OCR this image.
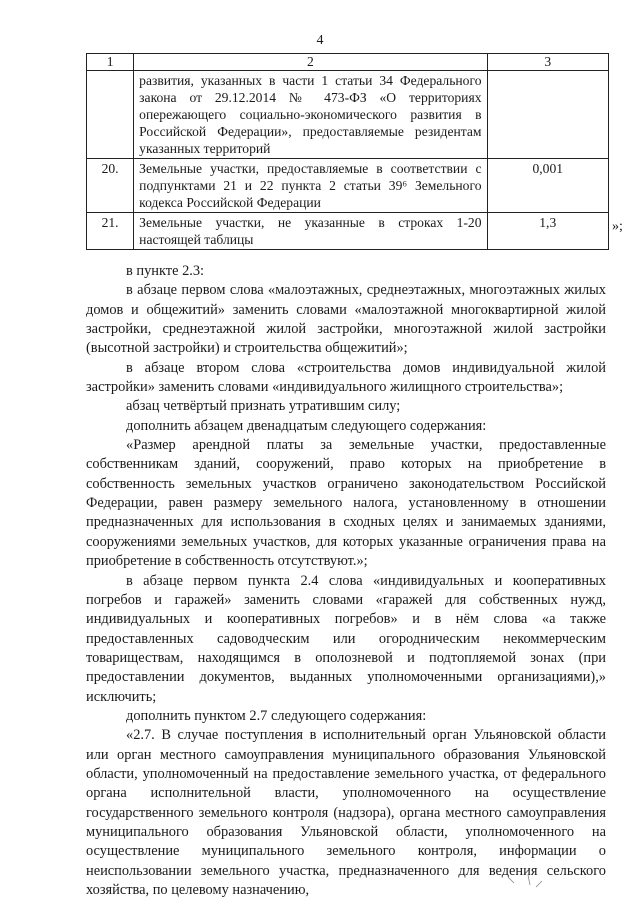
4
1	2	3
	развития, указанных в части 1 статьи 34 Федерального закона от 29.12.2014 № 473-ФЗ «О территориях опережающего социально-экономического развития в Российской Федерации», предоставляемые резидентам указанных территорий	
20.	Земельные участки, предоставляемые в соответствии с подпунктами 21 и 22 пункта 2 статьи 39⁶ Земельного кодекса Российской Федерации	0,001
21.	Земельные участки, не указанные в строках 1-20 настоящей таблицы	1,3	»;

в пункте 2.3:

в абзаце первом слова «малоэтажных, среднеэтажных, многоэтажных жилых домов и общежитий» заменить словами «малоэтажной многоквартирной жилой застройки, среднеэтажной жилой застройки, многоэтажной жилой застройки (высотной застройки) и строительства общежитий»;

в абзаце втором слова «строительства домов индивидуальной жилой застройки» заменить словами «индивидуального жилищного строительства»;

абзац четвёртый признать утратившим силу;

дополнить абзацем двенадцатым следующего содержания:

«Размер арендной платы за земельные участки, предоставленные собственникам зданий, сооружений, право которых на приобретение в собственность земельных участков ограничено законодательством Российской Федерации, равен размеру земельного налога, установленному в отношении предназначенных для использования в сходных целях и занимаемых зданиями, сооружениями земельных участков, для которых указанные ограничения права на приобретение в собственность отсутствуют.»;

в абзаце первом пункта 2.4 слова «индивидуальных и кооперативных погребов и гаражей» заменить словами «гаражей для собственных нужд, индивидуальных и кооперативных погребов» и в нём слова «а также предоставленных садоводческим или огородническим некоммерческим товариществам, находящимся в ополозневой и подтопляемой зонах (при предоставлении документов, выданных уполномоченными организациями),» исключить;

дополнить пунктом 2.7 следующего содержания:

«2.7. В случае поступления в исполнительный орган Ульяновской области или орган местного самоуправления муниципального образования Ульяновской области, уполномоченный на предоставление земельного участка, от федерального органа исполнительной власти, уполномоченного на осуществление государственного земельного контроля (надзора), органа местного самоуправления муниципального образования Ульяновской области, уполномоченного на осуществление муниципального земельного контроля, информации о неиспользовании земельного участка, предназначенного для ведения сельского хозяйства, по целевому назначению,
